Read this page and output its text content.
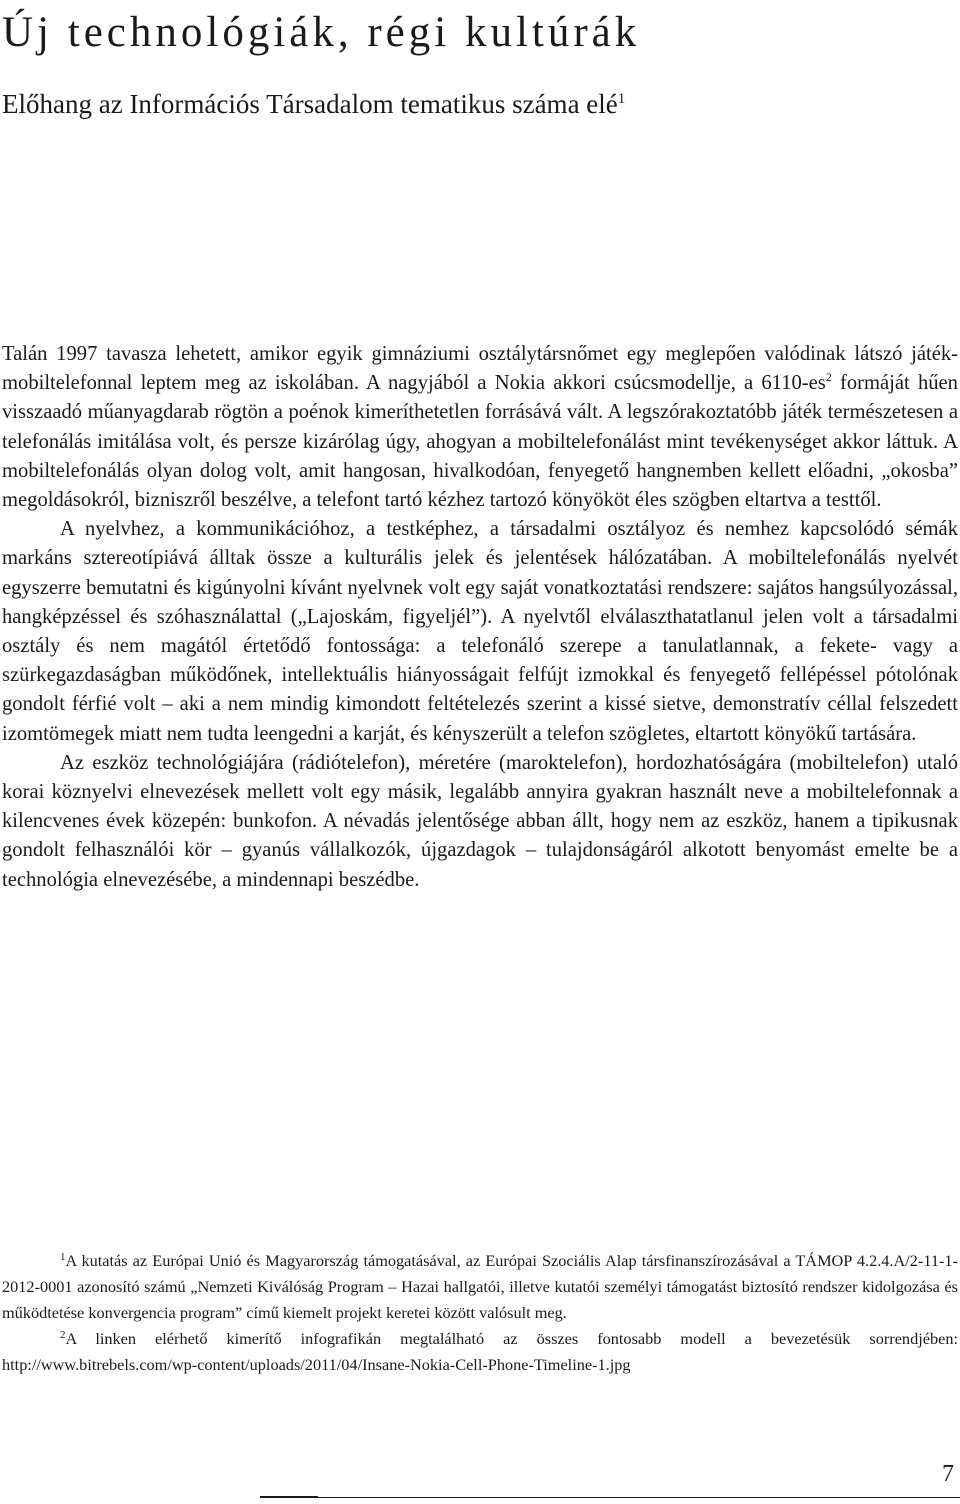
Új technológiák, régi kultúrák
Előhang az Információs Társadalom tematikus száma elé$^1$

Talán 1997 tavasza lehetett, amikor egyik gimnáziumi osztálytársnőmet egy meglepően valódinak látszó játék-mobiltelefonnal leptem meg az iskolában. A nagyjából a Nokia akkori csúcsmodellje, a $6110-es^2$ formáját hűen visszaadó műanyagdarab rögtön a poénok kimeríthetetlen forrásává vált. A legszórakoztatóbb játék természetesen a telefonálás imitálása volt, és persze kizárólag úgy, ahogyan a mobiltelefonálást mint tevékenységet akkor láttuk. A mobiltelefonálás olyan dolog volt, amit hangosan, hivalkodóan, fenyegető hangnemben kellett előadni, „okosba” megoldásokról, bizniszről beszélve, a telefont tartó kézhez tartozó könyököt éles szögben eltartva a testtől.

A nyelvhez, a kommunikációhoz, a testképhez, a társadalmi osztályoz és nemhez kapcsolódó sémák markáns sztereotípiává álltak össze a kulturális jelek és jelentések hálózatában. A mobiltelefonálás nyelvét egyszerre bemutatni és kigúnyolni kívánt nyelvnek volt egy saját vonatkoztatási rendszere: sajátos hangsúlyozással, hangképzéssel és szóhasználattal („Lajoskám, figyeljél”). A nyelvtől elválaszthatatlanul jelen volt a társadalmi osztály és nem magától értetődő fontossága: a telefonáló szerepe a tanulatlannak, a fekete- vagy a szürkegazdaságban működőnek, intellektuális hiányosságait felfújt izmokkal és fenyegető fellépéssel pótolónak gondolt férfié volt – aki a nem mindig kimondott feltételezés szerint a kissé sietve, demonstratív céllal felszedett izomtömegek miatt nem tudta leengedni a karját, és kényszerült a telefon szögletes, eltartott könyökű tartására.

Az eszköz technológiájára (rádiótelefon), méretére (maroktelefon), hordozhatóságára (mobiltelefon) utaló korai köznyelvi elnevezések mellett volt egy másik, legalább annyira gyakran használt neve a mobiltelefonnak a kilencvenes évek közepén: bunkofon. A névadás jelentősége abban állt, hogy nem az eszköz, hanem a tipikusnak gondolt felhasználói kör – gyanús vállalkozók, újgazdagok – tulajdonságáról alkotott benyomást emelte be a technológia elnevezésébe, a mindennapi beszédbe.

$^1$A kutatás az Európai Unió és Magyarország támogatásával, az Európai Szociális Alap társfinanszírozásával a TÁMOP 4.2.4.A/2-11-1-2012-0001 azonosító számú „Nemzeti Kiválóság Program – Hazai hallgatói, illetve kutatói személyi támogatást biztosító rendszer kidolgozása és működtetése konvergencia program” című kiemelt projekt keretei között valósult meg.

$^2$A linken elérhető kimerítő infografikán megtalálható az összes fontosabb modell a bevezetésük sorrendjében: http://www.bitrebels.com/wp-content/uploads/2011/04/Insane-Nokia-Cell-Phone-Timeline-1.jpg

7
